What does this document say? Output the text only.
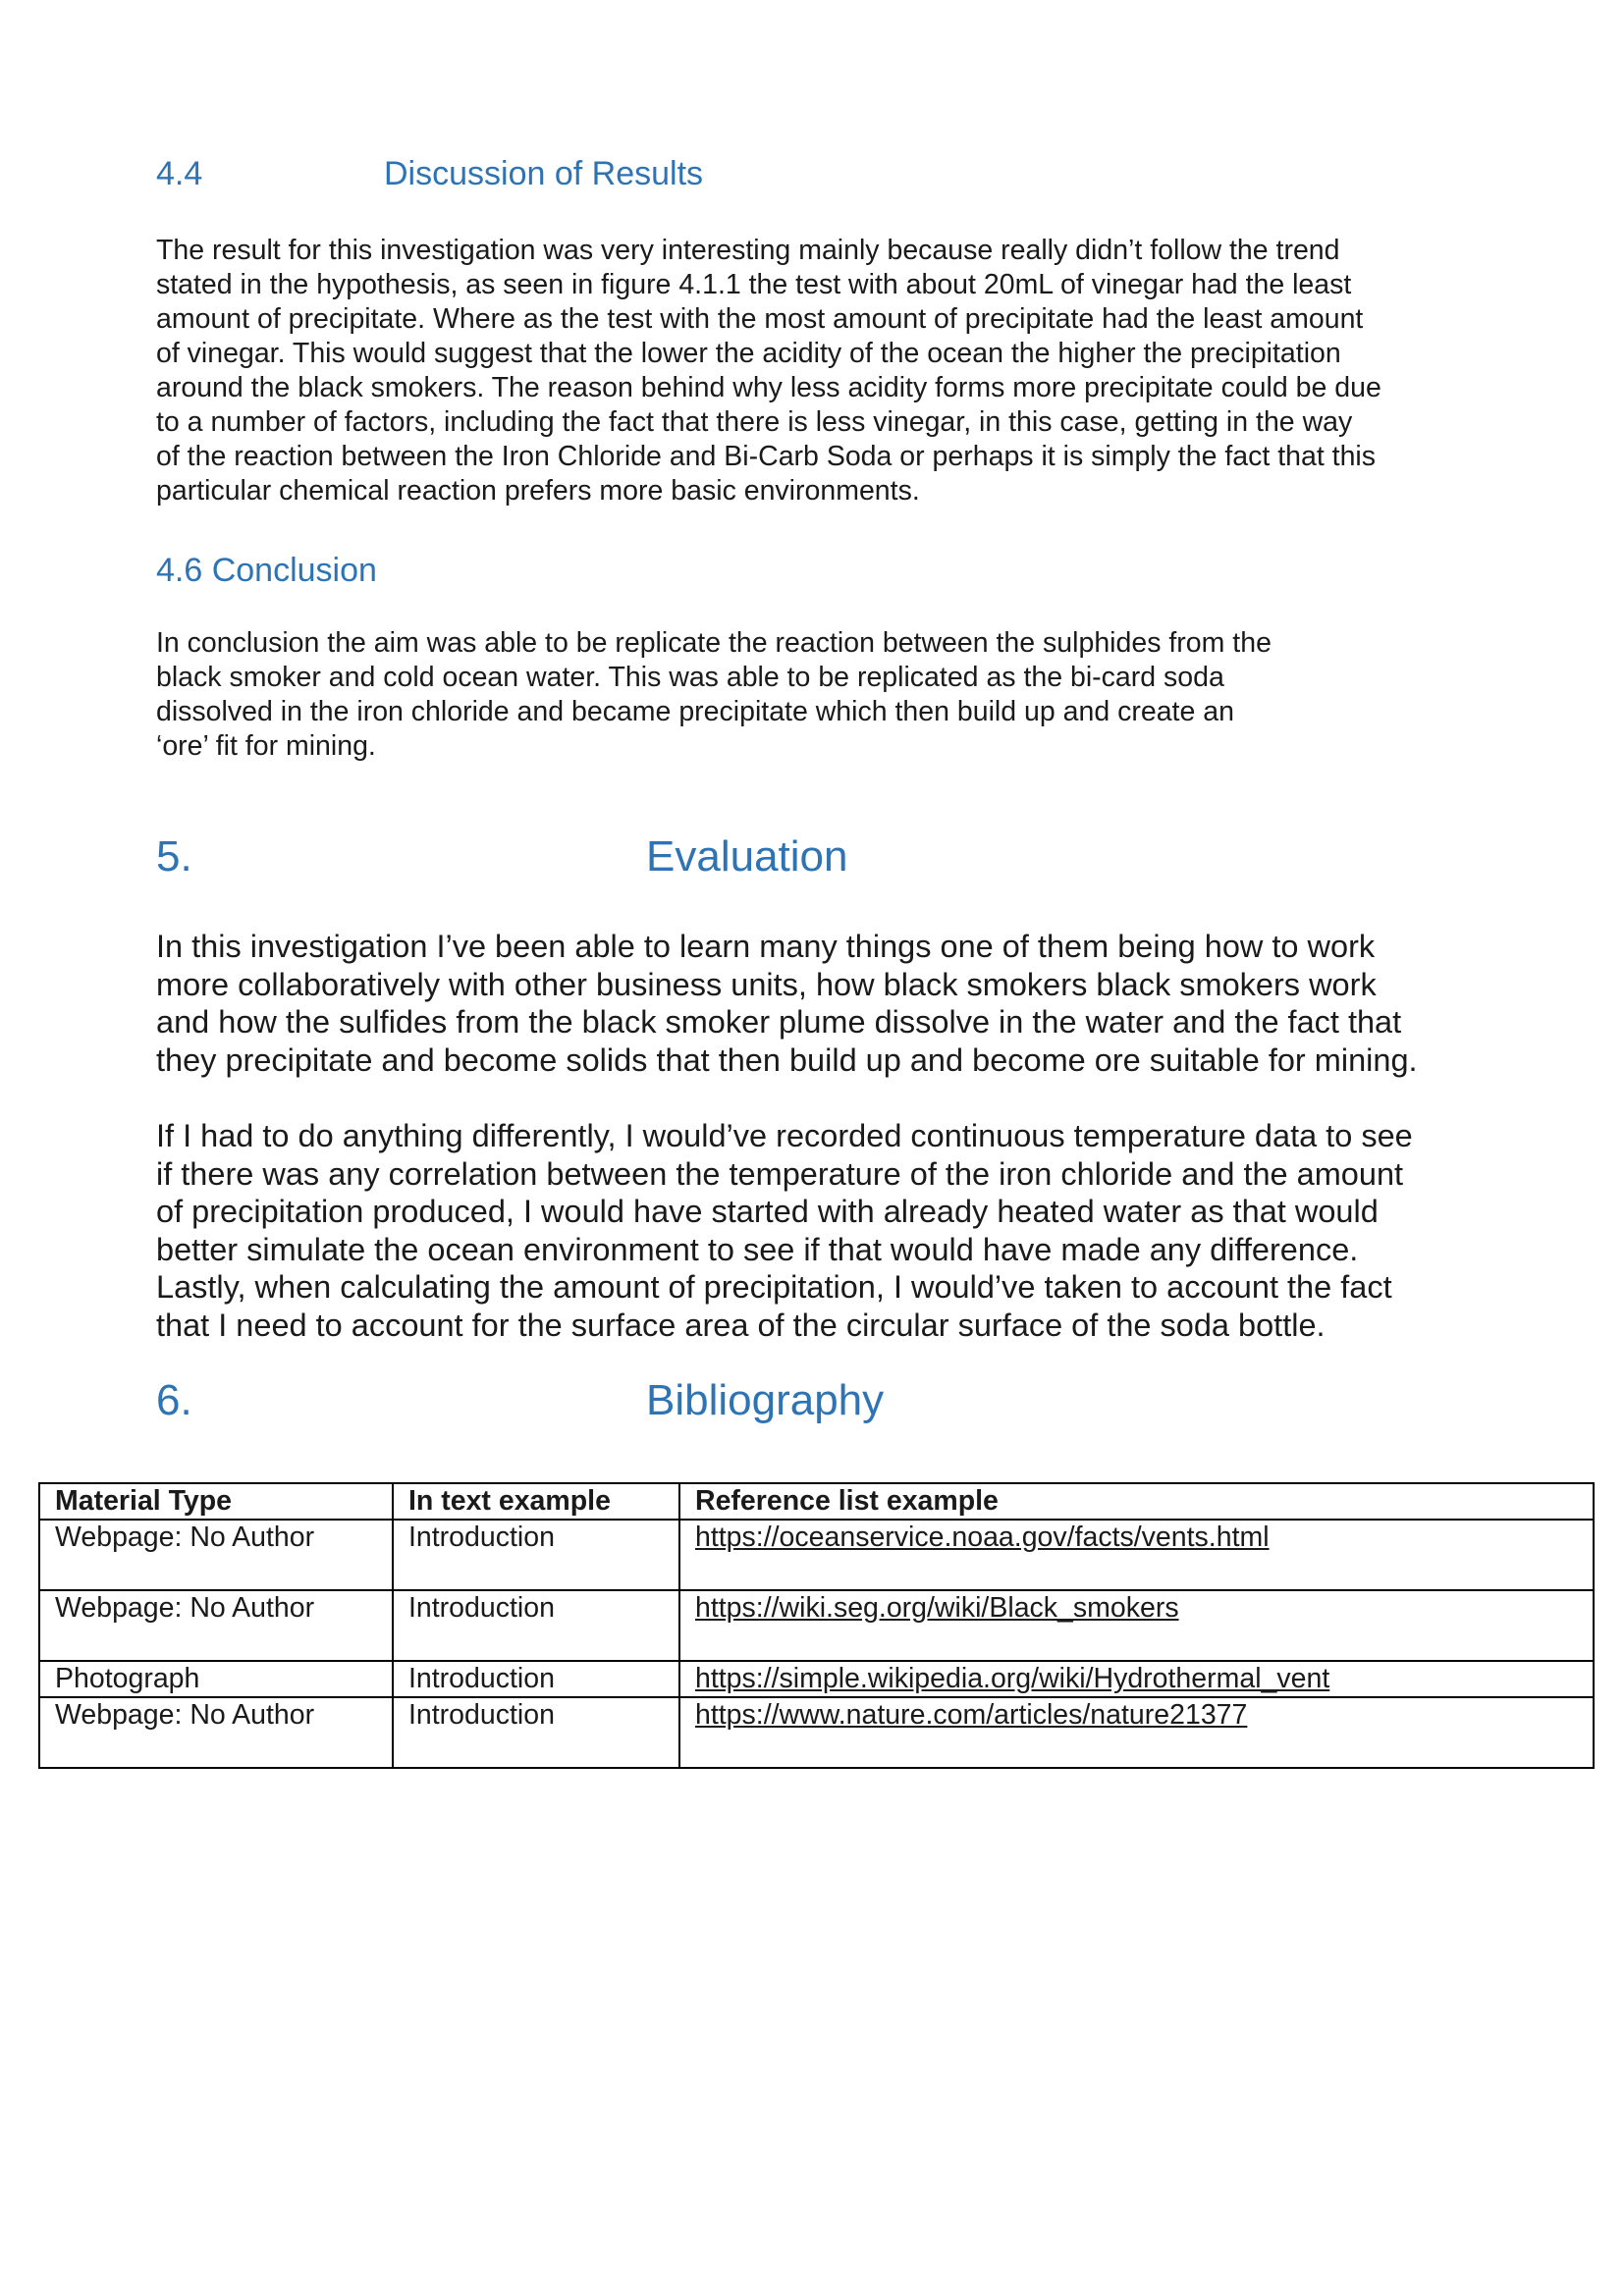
4.4	Discussion of Results

The result for this investigation was very interesting mainly because really didn’t follow the trend
stated in the hypothesis, as seen in figure 4.1.1 the test with about 20mL of vinegar had the least
amount of precipitate. Where as the test with the most amount of precipitate had the least amount
of vinegar. This would suggest that the lower the acidity of the ocean the higher the precipitation
around the black smokers. The reason behind why less acidity forms more precipitate could be due
to a number of factors, including the fact that there is less vinegar, in this case, getting in the way
of the reaction between the Iron Chloride and Bi-Carb Soda or perhaps it is simply the fact that this
particular chemical reaction prefers more basic environments.

4.6 Conclusion

In conclusion the aim was able to be replicate the reaction between the sulphides from the
black smoker and cold ocean water. This was able to be replicated as the bi-card soda
dissolved in the iron chloride and became precipitate which then build up and create an
‘ore’ fit for mining.

5.	Evaluation

In this investigation I’ve been able to learn many things one of them being how to work
more collaboratively with other business units, how black smokers black smokers work
and how the sulfides from the black smoker plume dissolve in the water and the fact that
they precipitate and become solids that then build up and become ore suitable for mining.

If I had to do anything differently, I would’ve recorded continuous temperature data to see
if there was any correlation between the temperature of the iron chloride and the amount
of precipitation produced, I would have started with already heated water as that would
better simulate the ocean environment to see if that would have made any difference.
Lastly, when calculating the amount of precipitation, I would’ve taken to account the fact
that I need to account for the surface area of the circular surface of the soda bottle.

6.	Bibliography
Material Type	In text example	Reference list example
Webpage: No Author	Introduction	https://oceanservice.noaa.gov/facts/vents.html
Webpage: No Author	Introduction	https://wiki.seg.org/wiki/Black_smokers
Photograph	Introduction	https://simple.wikipedia.org/wiki/Hydrothermal_vent
Webpage: No Author	Introduction	https://www.nature.com/articles/nature21377
